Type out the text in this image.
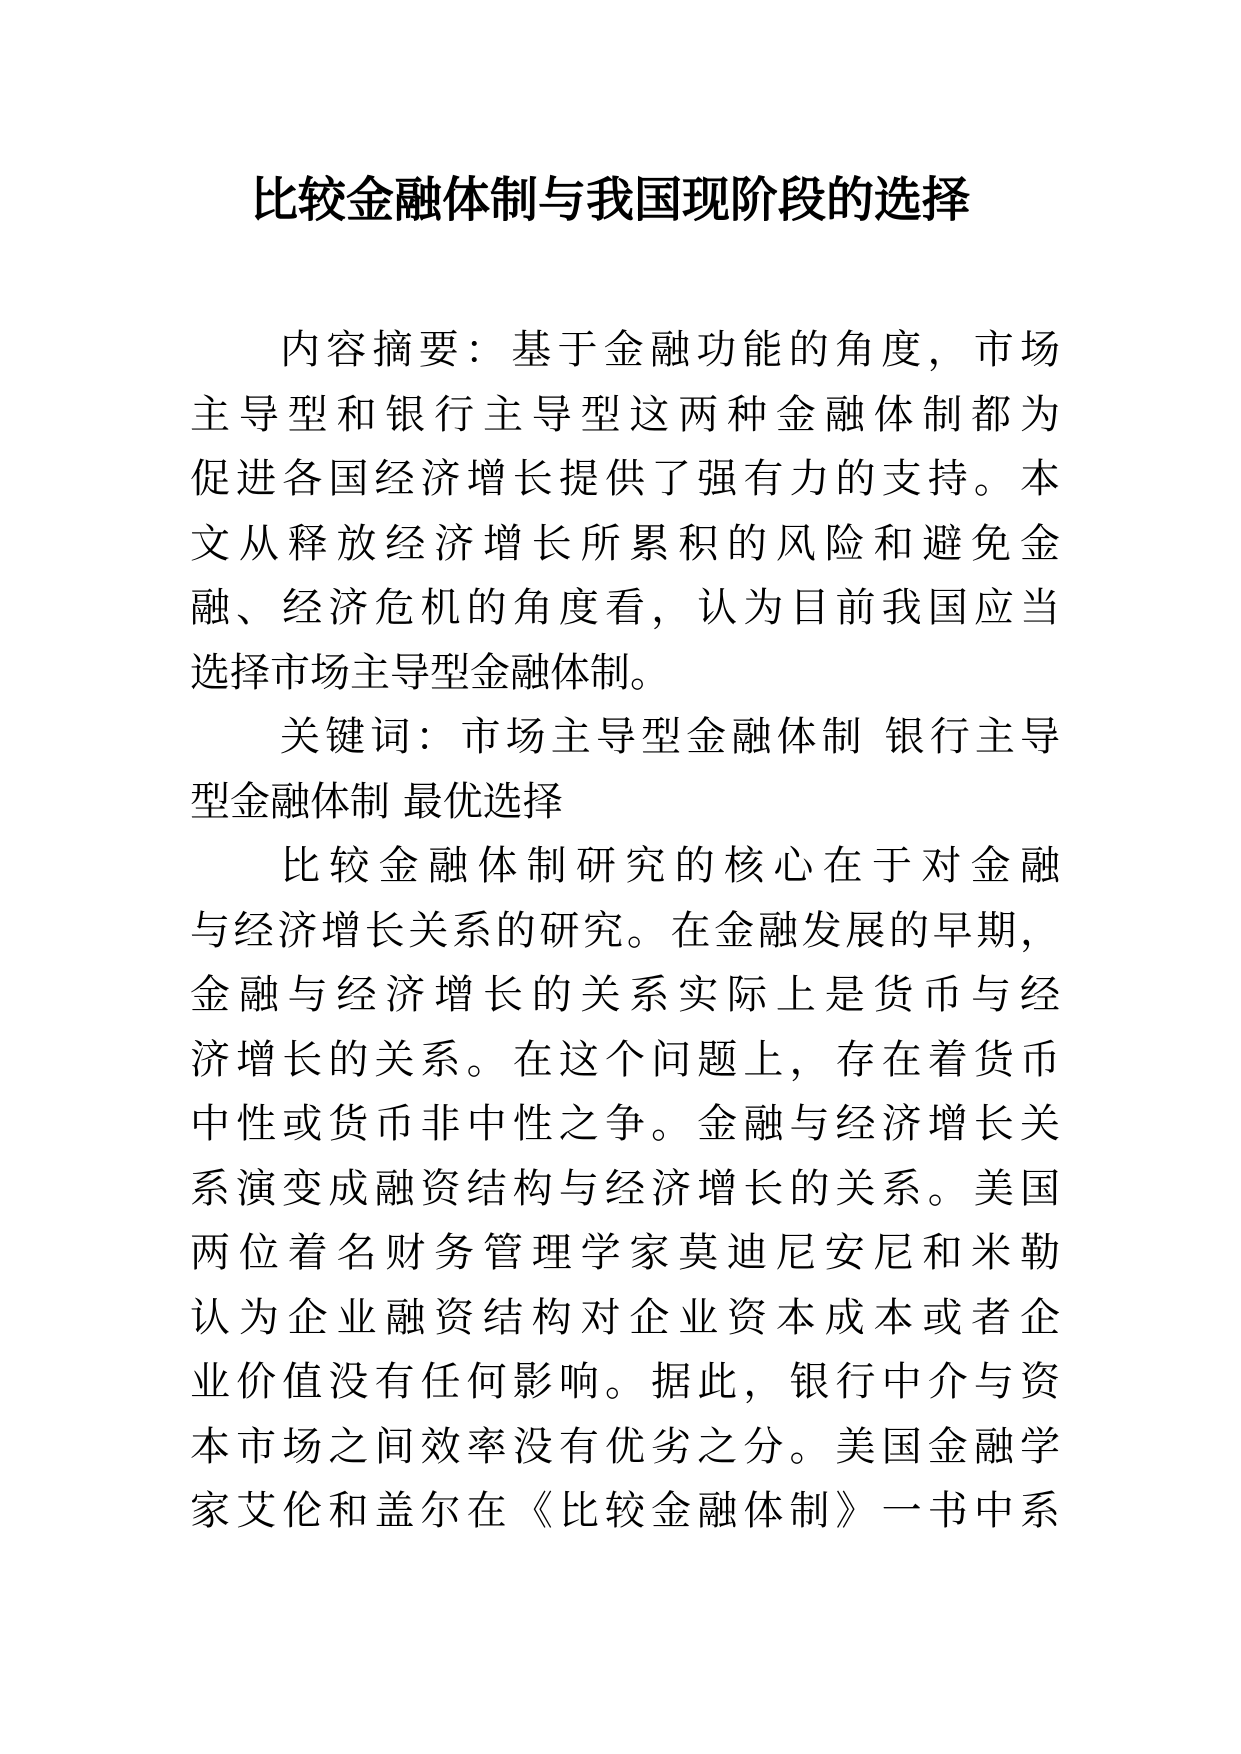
比较金融体制与我国现阶段的选择
内容摘要：基于金融功能的角度，市场
主导型和银行主导型这两种金融体制都为
促进各国经济增长提供了强有力的支持。本
文从释放经济增长所累积的风险和避免金
融、经济危机的角度看，认为目前我国应当
选择市场主导型金融体制。
关键词：市场主导型金融体制 银行主导
型金融体制 最优选择
比较金融体制研究的核心在于对金融
与经济增长关系的研究。在金融发展的早期，
金融与经济增长的关系实际上是货币与经
济增长的关系。在这个问题上，存在着货币
中性或货币非中性之争。金融与经济增长关
系演变成融资结构与经济增长的关系。美国
两位着名财务管理学家莫迪尼安尼和米勒
认为企业融资结构对企业资本成本或者企
业价值没有任何影响。据此，银行中介与资
本市场之间效率没有优劣之分。美国金融学
家艾伦和盖尔在《比较金融体制》一书中系
